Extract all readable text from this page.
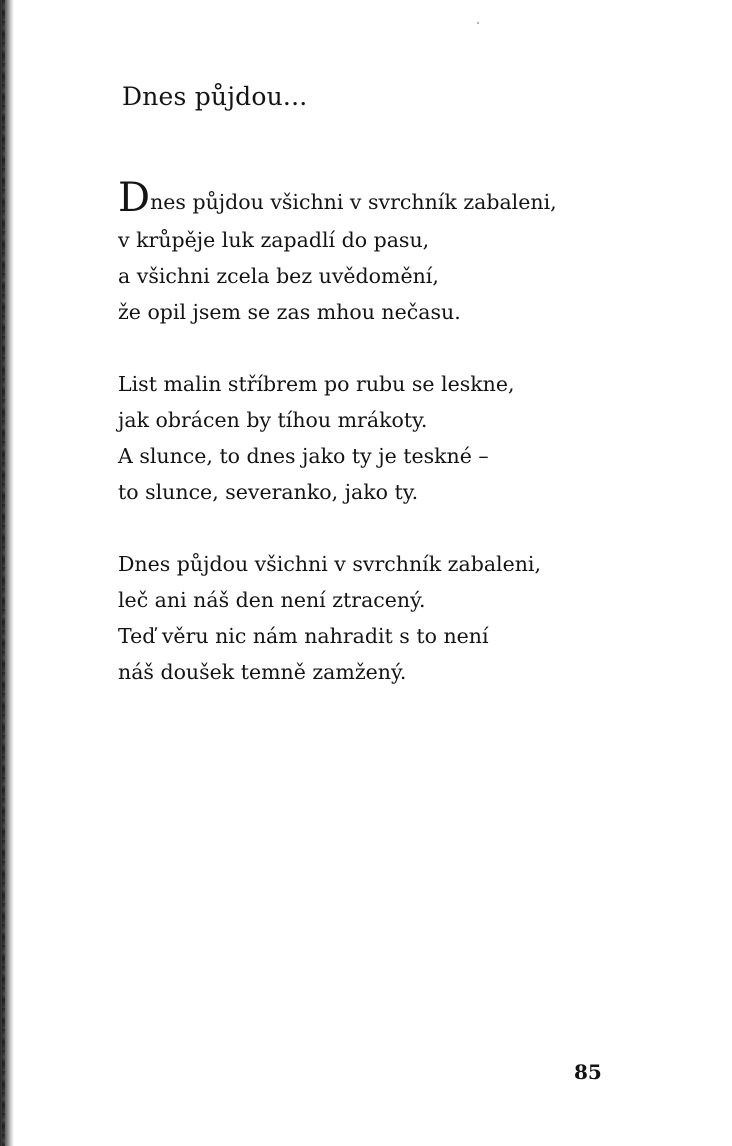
Dnes půjdou...
Dnes půjdou všichni v svrchník zabaleni,
v krůpěje luk zapadlí do pasu,
a všichni zcela bez uvědomění,
že opil jsem se zas mhou nečasu.
List malin stříbrem po rubu se leskne,
jak obrácen by tíhou mrákoty.
A slunce, to dnes jako ty je teskné –
to slunce, severanko, jako ty.
Dnes půjdou všichni v svrchník zabaleni,
leč ani náš den není ztracený.
Teď věru nic nám nahradit s to není
náš doušek temně zamžený.
85
